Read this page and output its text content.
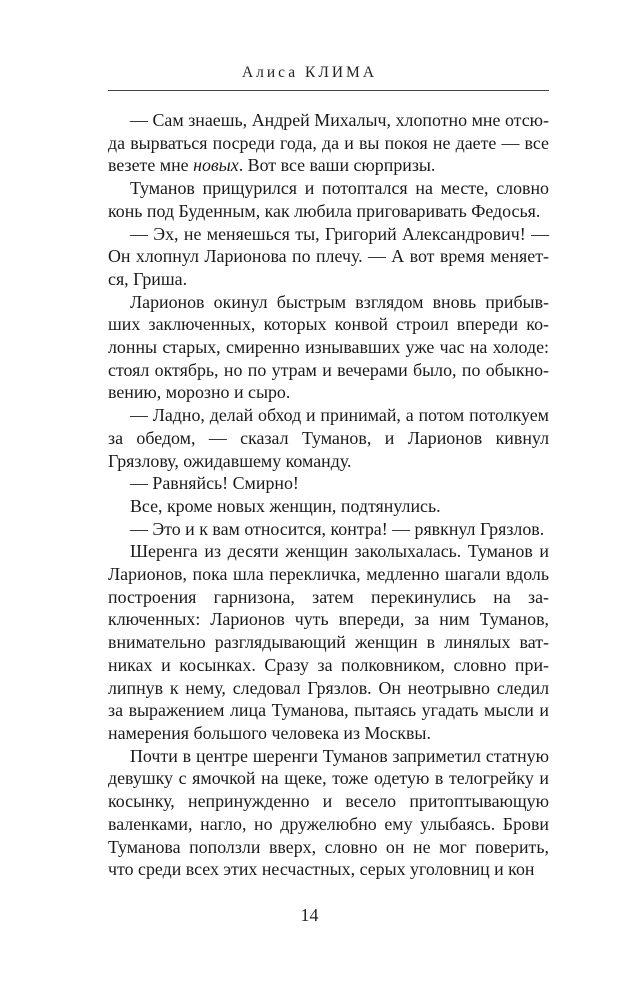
Алиса КЛИМА

— Сам знаешь, Андрей Михалыч, хлопотно мне отсюда вырваться посреди года, да и вы покоя не даете — все везете мне новых. Вот все ваши сюрпризы.

Туманов прищурился и потоптался на месте, словно конь под Буденным, как любила приговаривать Федосья.

— Эх, не меняешься ты, Григорий Александрович! — Он хлопнул Ларионова по плечу. — А вот время меняется, Гриша.

Ларионов окинул быстрым взглядом вновь прибывших заключенных, которых конвой строил впереди колонны старых, смиренно изнывавших уже час на холоде: стоял октябрь, но по утрам и вечерами было, по обыкновению, морозно и сыро.

— Ладно, делай обход и принимай, а потом потолкуем за обедом, — сказал Туманов, и Ларионов кивнул Грязлову, ожидавшему команду.

— Равняйсь! Смирно!

Все, кроме новых женщин, подтянулись.

— Это и к вам относится, контра! — рявкнул Грязлов.

Шеренга из десяти женщин заколыхалась. Туманов и Ларионов, пока шла перекличка, медленно шагали вдоль построения гарнизона, затем перекинулись на заключенных: Ларионов чуть впереди, за ним Туманов, внимательно разглядывающий женщин в линялых ватниках и косынках. Сразу за полковником, словно прилипнув к нему, следовал Грязлов. Он неотрывно следил за выражением лица Туманова, пытаясь угадать мысли и намерения большого человека из Москвы.

Почти в центре шеренги Туманов заприметил статную девушку с ямочкой на щеке, тоже одетую в телогрейку и косынку, непринужденно и весело притоптывающую валенками, нагло, но дружелюбно ему улыбаясь. Брови Туманова поползли вверх, словно он не мог поверить, что среди всех этих несчастных, серых уголовниц и кон

14
